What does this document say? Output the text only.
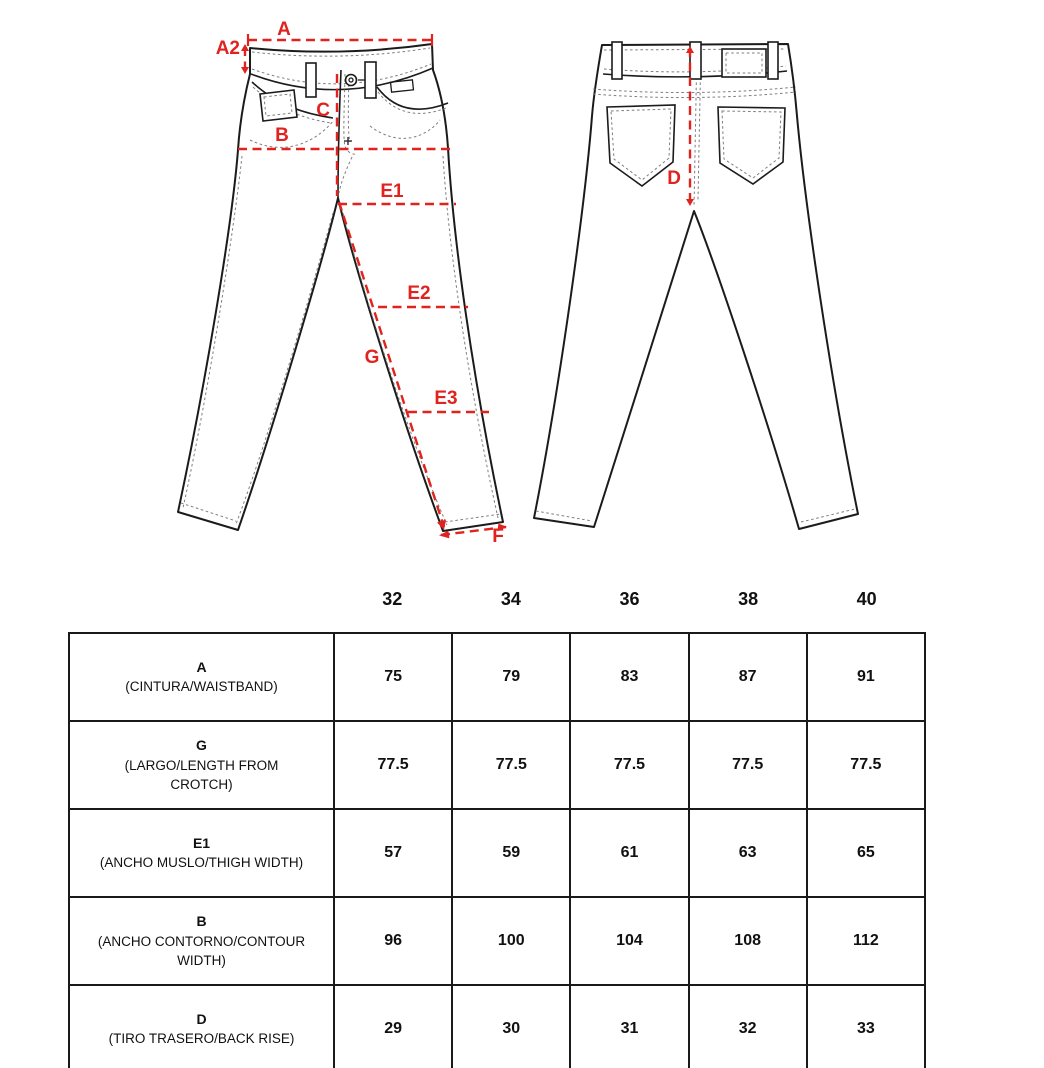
A
A2
B
C
E1
E2
E3
G
F
D
32	34	36	38	40
A
(CINTURA/WAISTBAND)	75	79	83	87	91

G
(LARGO/LENGTH FROM CROTCH)	77.5	77.5	77.5	77.5	77.5

E1
(ANCHO MUSLO/THIGH WIDTH)	57	59	61	63	65

B
(ANCHO CONTORNO/CONTOUR WIDTH)	96	100	104	108	112

D
(TIRO TRASERO/BACK RISE)	29	30	31	32	33
